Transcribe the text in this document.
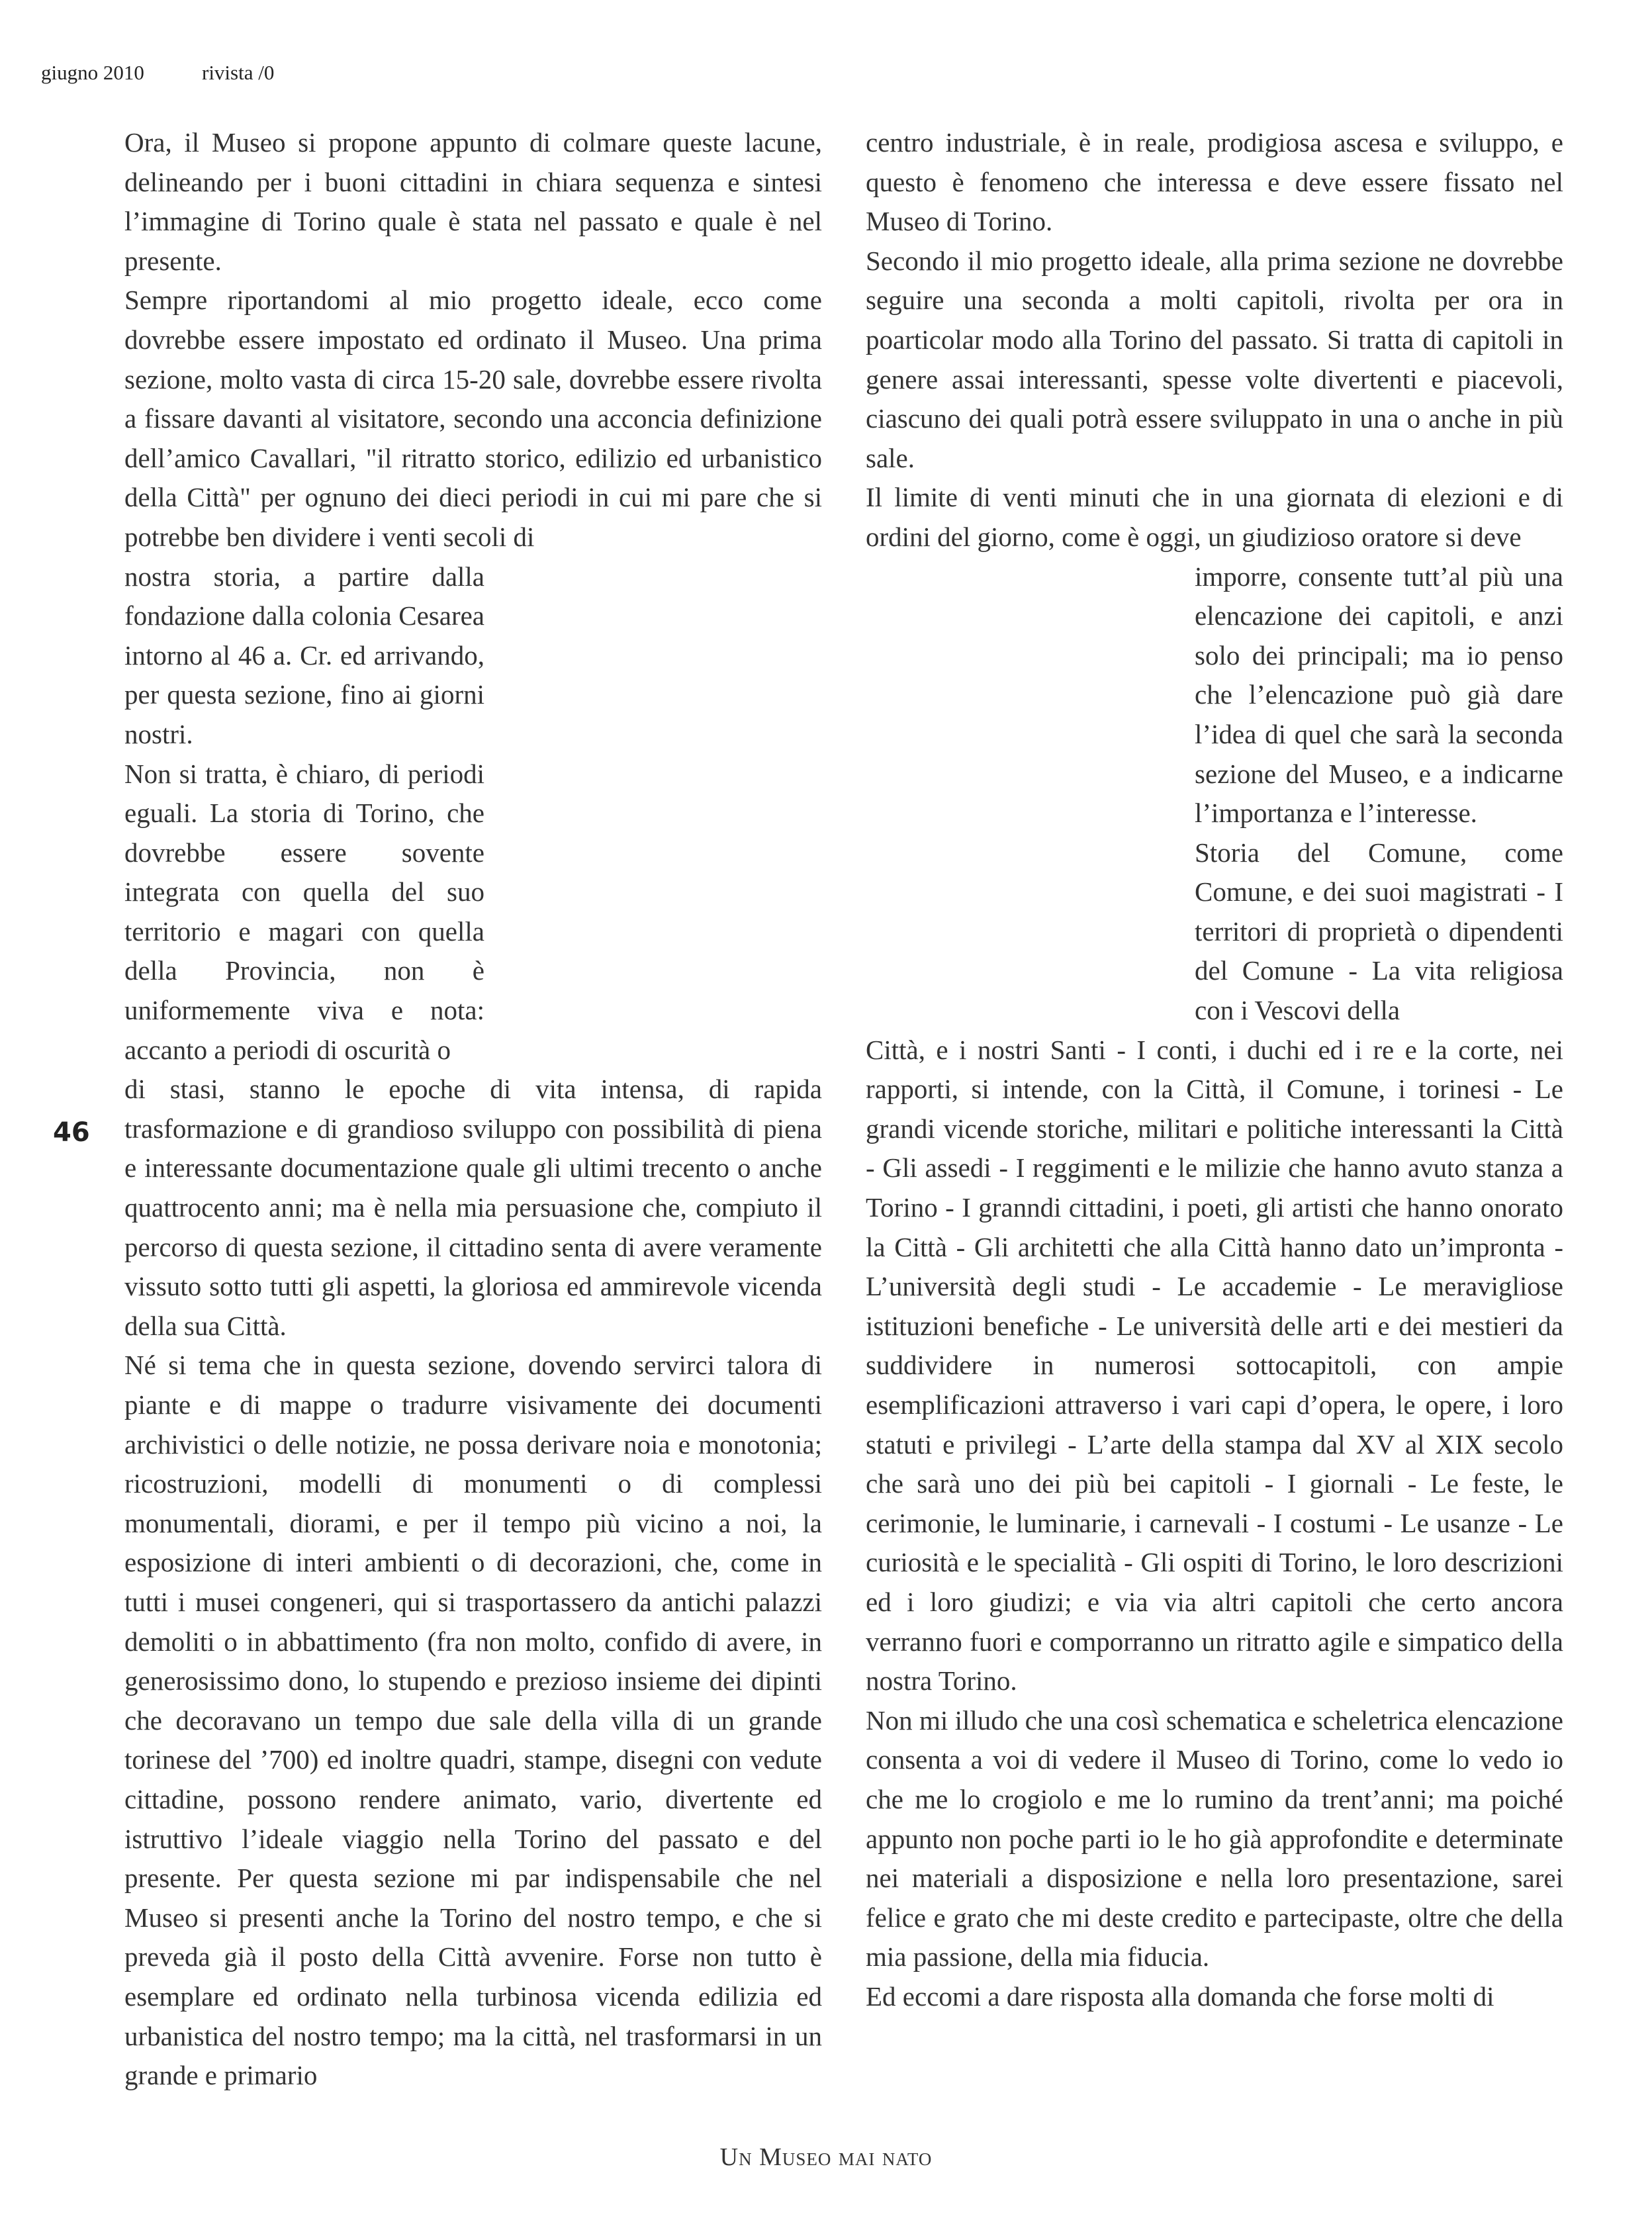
giugno 2010	rivista /0
46

Ora, il Museo si propone appunto di colmare queste lacune, delineando per i buoni cittadini in chiara sequenza e sintesi l’immagine di Torino quale è stata nel passato e quale è nel presente.

Sempre riportandomi al mio progetto ideale, ecco come dovrebbe essere impostato ed ordinato il Museo. Una prima sezione, molto vasta di circa 15-20 sale, dovrebbe essere rivolta a fissare davanti al visitatore, secondo una acconcia definizione dell’amico Cavallari, "il ritratto storico, edilizio ed urbanistico della Città" per ognuno dei dieci periodi in cui mi pare che si potrebbe ben dividere i venti secoli di

nostra storia, a partire dalla fondazione dalla colonia Cesarea intorno al 46 a. Cr. ed arrivando, per questa sezione, fino ai giorni nostri.

Non si tratta, è chiaro, di periodi eguali. La storia di Torino, che dovrebbe essere sovente integrata con quella del suo territorio e magari con quella della Provincia, non è uniformemente viva e nota: accanto a periodi di oscurità o

di stasi, stanno le epoche di vita intensa, di rapida trasformazione e di grandioso sviluppo con possibilità di piena e interessante documentazione quale gli ultimi trecento o anche quattrocento anni; ma è nella mia persuasione che, compiuto il percorso di questa sezione, il cittadino senta di avere veramente vissuto sotto tutti gli aspetti, la gloriosa ed ammirevole vicenda della sua Città.

Né si tema che in questa sezione, dovendo servirci talora di piante e di mappe o tradurre visivamente dei documenti archivistici o delle notizie, ne possa derivare noia e monotonia; ricostruzioni, modelli di monumenti o di complessi monumentali, diorami, e per il tempo più vicino a noi, la esposizione di interi ambienti o di decorazioni, che, come in tutti i musei congeneri, qui si trasportassero da antichi palazzi demoliti o in abbattimento (fra non molto, confido di avere, in generosissimo dono, lo stupendo e prezioso insieme dei dipinti che decoravano un tempo due sale della villa di un grande torinese del ’700) ed inoltre quadri, stampe, disegni con vedute cittadine, possono rendere animato, vario, divertente ed istruttivo l’ideale viaggio nella Torino del passato e del presente. Per questa sezione mi par indispensabile che nel Museo si presenti anche la Torino del nostro tempo, e che si preveda già il posto della Città avvenire. Forse non tutto è esemplare ed ordinato nella turbinosa vicenda edilizia ed urbanistica del nostro tempo; ma la città, nel trasformarsi in un grande e primario

centro industriale, è in reale, prodigiosa ascesa e sviluppo, e questo è fenomeno che interessa e deve essere fissato nel Museo di Torino.

Secondo il mio progetto ideale, alla prima sezione ne dovrebbe seguire una seconda a molti capitoli, rivolta per ora in poarticolar modo alla Torino del passato. Si tratta di capitoli in genere assai interessanti, spesse volte divertenti e piacevoli, ciascuno dei quali potrà essere sviluppato in una o anche in più sale.

Il limite di venti minuti che in una giornata di elezioni e di ordini del giorno, come è oggi, un giudizioso oratore si deve

imporre, consente tutt’al più una elencazione dei capitoli, e anzi solo dei principali; ma io penso che l’elencazione può già dare l’idea di quel che sarà la seconda sezione del Museo, e a indicarne l’importanza e l’interesse.

Storia del Comune, come Comune, e dei suoi magistrati - I territori di proprietà o dipendenti del Comune - La vita religiosa con i Vescovi della

Città, e i nostri Santi - I conti, i duchi ed i re e la corte, nei rapporti, si intende, con la Città, il Comune, i torinesi - Le grandi vicende storiche, militari e politiche interessanti la Città - Gli assedi - I reggimenti e le milizie che hanno avuto stanza a Torino - I granndi cittadini, i poeti, gli artisti che hanno onorato la Città - Gli architetti che alla Città hanno dato un’impronta - L’università degli studi - Le accademie - Le meravigliose istituzioni benefiche - Le università delle arti e dei mestieri da suddividere in numerosi sottocapitoli, con ampie esemplificazioni attraverso i vari capi d’opera, le opere, i loro statuti e privilegi - L’arte della stampa dal XV al XIX secolo che sarà uno dei più bei capitoli - I giornali - Le feste, le cerimonie, le luminarie, i carnevali - I costumi - Le usanze - Le curiosità e le specialità - Gli ospiti di Torino, le loro descrizioni ed i loro giudizi; e via via altri capitoli che certo ancora verranno fuori e comporranno un ritratto agile e simpatico della nostra Torino.

Non mi illudo che una così schematica e scheletrica elencazione consenta a voi di vedere il Museo di Torino, come lo vedo io che me lo crogiolo e me lo rumino da trent’anni; ma poiché appunto non poche parti io le ho già approfondite e determinate nei materiali a disposizione e nella loro presentazione, sarei felice e grato che mi deste credito e partecipaste, oltre che della mia passione, della mia fiducia.

Ed eccomi a dare risposta alla domanda che forse molti di

Un Museo mai nato
